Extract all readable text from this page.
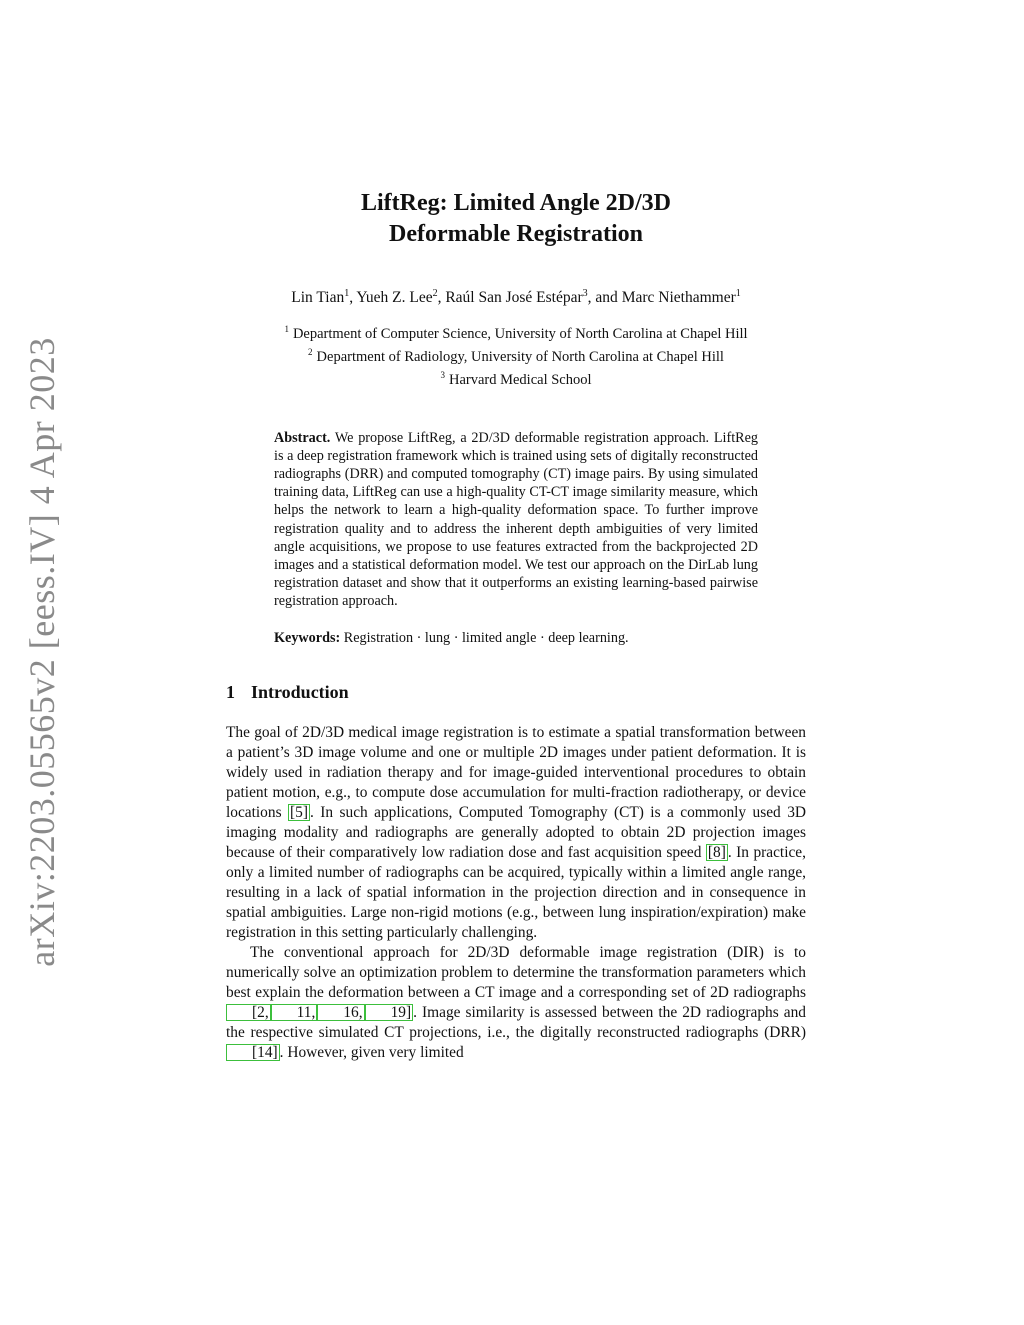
arXiv:2203.05565v2 [eess.IV] 4 Apr 2023
LiftReg: Limited Angle 2D/3D
Deformable Registration
Lin Tian$^1$, Yueh Z. Lee$^2$, Raúl San José Estépar$^3$, and Marc Niethammer$^1$
$^1$ Department of Computer Science, University of North Carolina at Chapel Hill
$^2$ Department of Radiology, University of North Carolina at Chapel Hill
$^3$ Harvard Medical School
Abstract. We propose LiftReg, a 2D/3D deformable registration approach. LiftReg is a deep registration framework which is trained using sets of digitally reconstructed radiographs (DRR) and computed tomography (CT) image pairs. By using simulated training data, LiftReg can use a high-quality CT-CT image similarity measure, which helps the network to learn a high-quality deformation space. To further improve registration quality and to address the inherent depth ambiguities of very limited angle acquisitions, we propose to use features extracted from the backprojected 2D images and a statistical deformation model. We test our approach on the DirLab lung registration dataset and show that it outperforms an existing learning-based pairwise registration approach.
Keywords: Registration · lung · limited angle · deep learning.
1 Introduction

The goal of 2D/3D medical image registration is to estimate a spatial transformation between a patient’s 3D image volume and one or multiple 2D images under patient deformation. It is widely used in radiation therapy and for image-guided interventional procedures to obtain patient motion, e.g., to compute dose accumulation for multi-fraction radiotherapy, or device locations [5] . In such applications, Computed Tomography (CT) is a commonly used 3D imaging modality and radiographs are generally adopted to obtain 2D projection images because of their comparatively low radiation dose and fast acquisition speed [8] . In practice, only a limited number of radiographs can be acquired, typically within a limited angle range, resulting in a lack of spatial information in the projection direction and in consequence in spatial ambiguities. Large non-rigid motions (e.g., between lung inspiration/expiration) make registration in this setting particularly challenging.

The conventional approach for 2D/3D deformable image registration (DIR) is to numerically solve an optimization problem to determine the transformation parameters which best explain the deformation between a CT image and a corresponding set of 2D radiographs [2, 11, 16, 19] . Image similarity is assessed between the 2D radiographs and the respective simulated CT projections, i.e., the digitally reconstructed radiographs (DRR) [14] . However, given very limited
